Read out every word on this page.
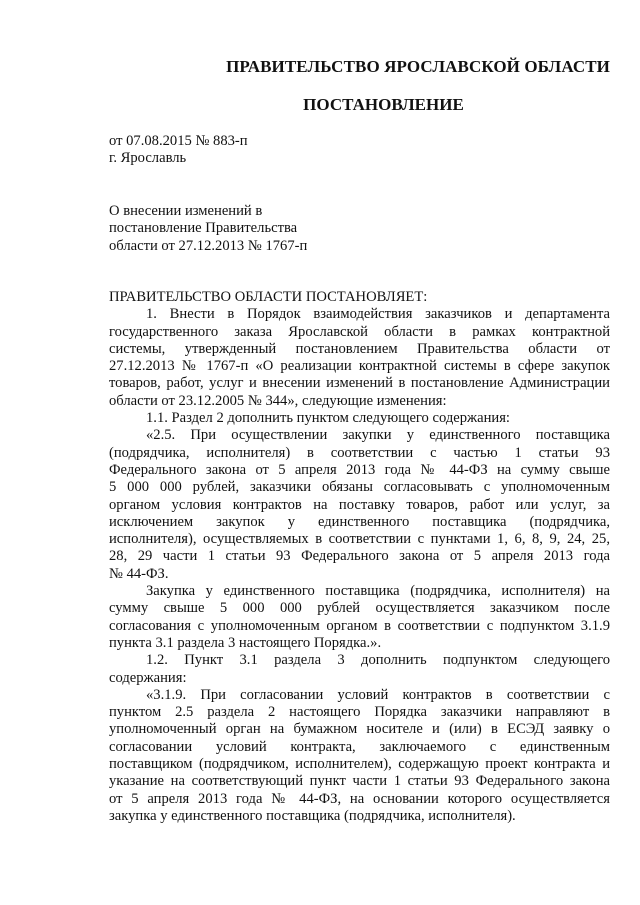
ПРАВИТЕЛЬСТВО ЯРОСЛАВСКОЙ ОБЛАСТИ
ПОСТАНОВЛЕНИЕ
от 07.08.2015 № 883-п
г. Ярославль
О внесении изменений в
постановление Правительства
области от 27.12.2013 № 1767-п
ПРАВИТЕЛЬСТВО ОБЛАСТИ ПОСТАНОВЛЯЕТ:
1. Внести в Порядок взаимодействия заказчиков и департамента
государственного заказа Ярославской области в рамках контрактной
системы, утвержденный постановлением Правительства области от
27.12.2013 № 1767-п «О реализации контрактной системы в сфере закупок
товаров, работ, услуг и внесении изменений в постановление Администрации
области от 23.12.2005 № 344», следующие изменения:
1.1. Раздел 2 дополнить пунктом следующего содержания:
«2.5. При осуществлении закупки у единственного поставщика
(подрядчика, исполнителя) в соответствии с частью 1 статьи 93
Федерального закона от 5 апреля 2013 года № 44-ФЗ на сумму свыше
5 000 000 рублей, заказчики обязаны согласовывать с уполномоченным
органом условия контрактов на поставку товаров, работ или услуг, за
исключением закупок у единственного поставщика (подрядчика,
исполнителя), осуществляемых в соответствии с пунктами 1, 6, 8, 9, 24, 25,
28, 29 части 1 статьи 93 Федерального закона от 5 апреля 2013 года
№ 44-ФЗ.
Закупка у единственного поставщика (подрядчика, исполнителя) на
сумму свыше 5 000 000 рублей осуществляется заказчиком после
согласования с уполномоченным органом в соответствии с подпунктом 3.1.9
пункта 3.1 раздела 3 настоящего Порядка.».
1.2. Пункт 3.1 раздела 3 дополнить подпунктом следующего
содержания:
«3.1.9. При согласовании условий контрактов в соответствии с
пунктом 2.5 раздела 2 настоящего Порядка заказчики направляют в
уполномоченный орган на бумажном носителе и (или) в ЕСЭД заявку о
согласовании условий контракта, заключаемого с единственным
поставщиком (подрядчиком, исполнителем), содержащую проект контракта и
указание на соответствующий пункт части 1 статьи 93 Федерального закона
от 5 апреля 2013 года № 44-ФЗ, на основании которого осуществляется
закупка у единственного поставщика (подрядчика, исполнителя).
